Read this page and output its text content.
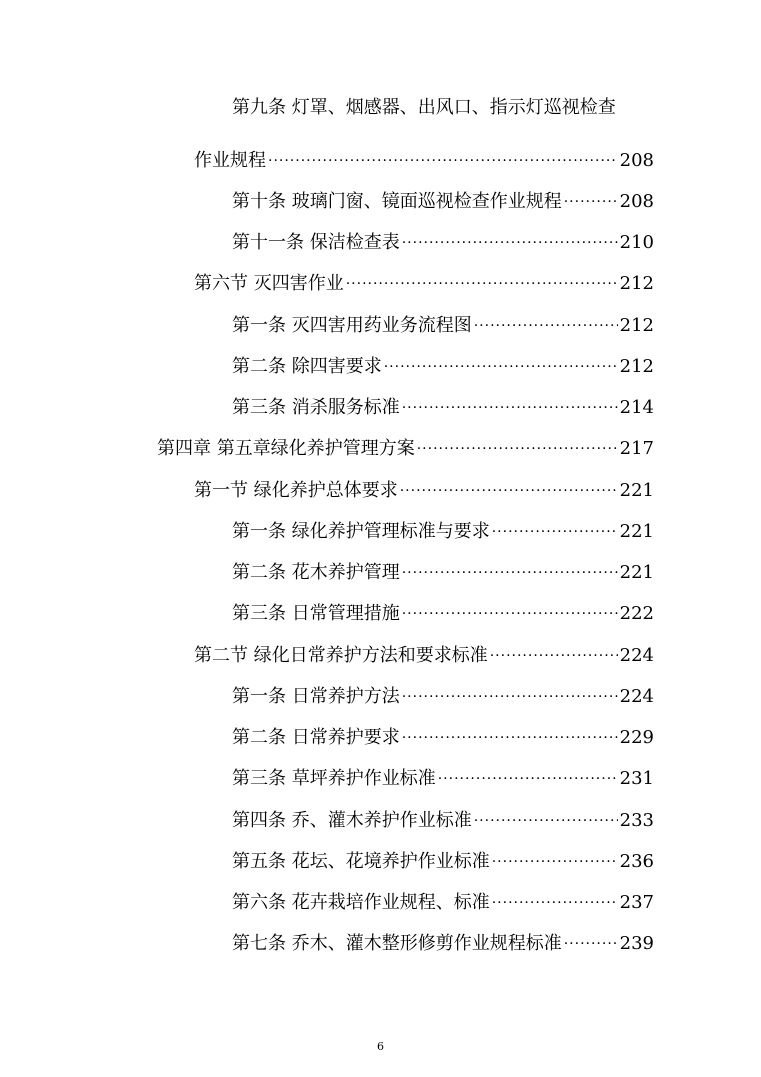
第九条 灯罩、烟感器、出风口、指示灯巡视检查
作业规程 .....	208
第十条 玻璃门窗、镜面巡视检查作业规程 .....	208
第十一条 保洁检查表 .....	210
第六节 灭四害作业 .....	212
第一条 灭四害用药业务流程图 .....	212
第二条 除四害要求 .....	212
第三条 消杀服务标准 .....	214
第四章 第五章绿化养护管理方案 .....	217
第一节 绿化养护总体要求 .....	221
第一条 绿化养护管理标准与要求 .....	221
第二条 花木养护管理 .....	221
第三条 日常管理措施 .....	222
第二节 绿化日常养护方法和要求标准 .....	224
第一条 日常养护方法 .....	224
第二条 日常养护要求 .....	229
第三条 草坪养护作业标准 .....	231
第四条 乔、灌木养护作业标准 .....	233
第五条 花坛、花境养护作业标准 .....	236
第六条 花卉栽培作业规程、标准 .....	237
第七条 乔木、灌木整形修剪作业规程标准 .....	239
6
